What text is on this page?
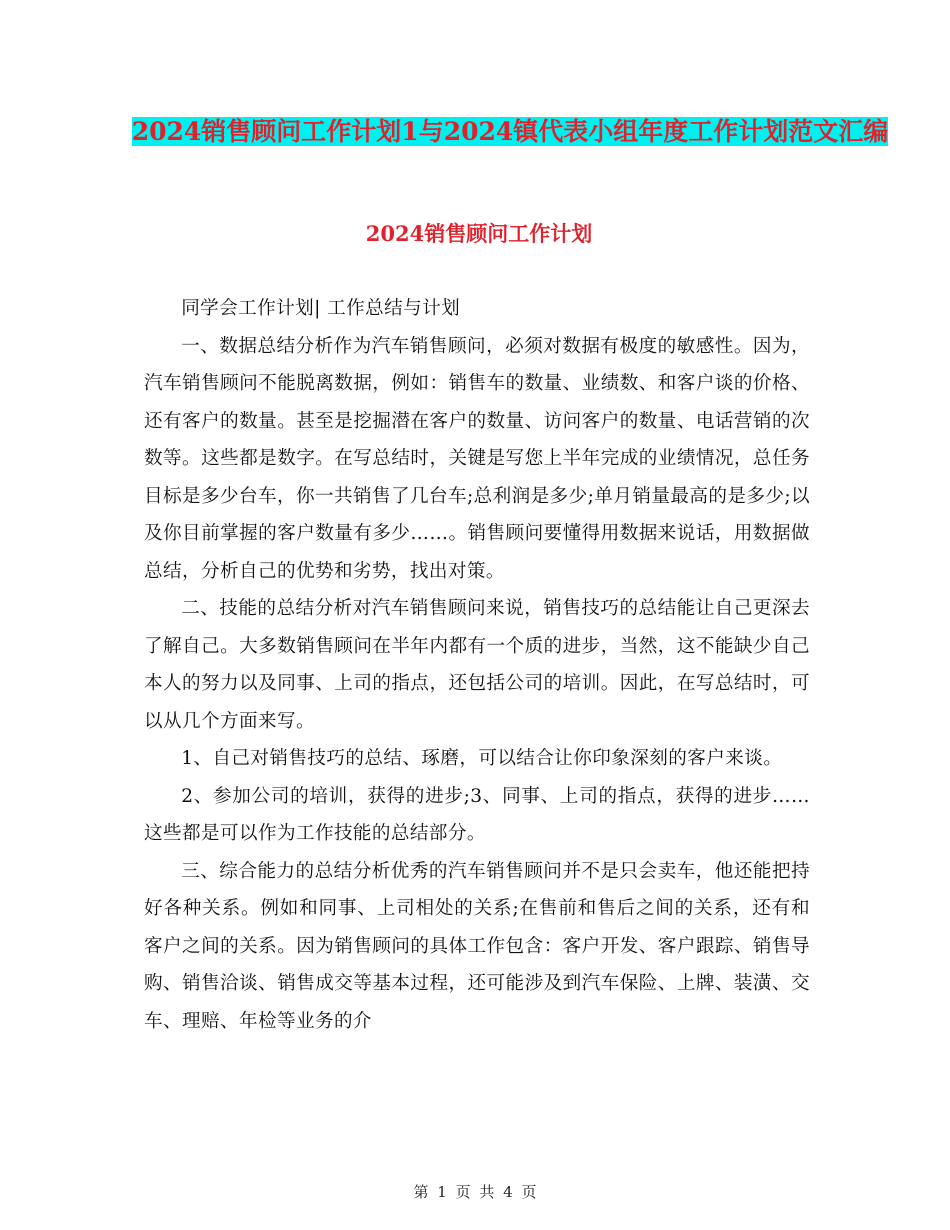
2024销售顾问工作计划1与2024镇代表小组年度工作计划范文汇编
2024销售顾问工作计划

同学会工作计划| 工作总结与计划

一、数据总结分析作为汽车销售顾问，必须对数据有极度的敏感性。因为，汽车销售顾问不能脱离数据，例如：销售车的数量、业绩数、和客户谈的价格、还有客户的数量。甚至是挖掘潜在客户的数量、访问客户的数量、电话营销的次数等。这些都是数字。在写总结时，关键是写您上半年完成的业绩情况，总任务目标是多少台车，你一共销售了几台车;总利润是多少;单月销量最高的是多少;以及你目前掌握的客户数量有多少……。销售顾问要懂得用数据来说话，用数据做总结，分析自己的优势和劣势，找出对策。

二、技能的总结分析对汽车销售顾问来说，销售技巧的总结能让自己更深去了解自己。大多数销售顾问在半年内都有一个质的进步，当然，这不能缺少自己本人的努力以及同事、上司的指点，还包括公司的培训。因此，在写总结时，可以从几个方面来写。

1、自己对销售技巧的总结、琢磨，可以结合让你印象深刻的客户来谈。

2、参加公司的培训，获得的进步;3、同事、上司的指点，获得的进步……这些都是可以作为工作技能的总结部分。

三、综合能力的总结分析优秀的汽车销售顾问并不是只会卖车，他还能把持好各种关系。例如和同事、上司相处的关系;在售前和售后之间的关系，还有和客户之间的关系。因为销售顾问的具体工作包含：客户开发、客户跟踪、销售导购、销售洽谈、销售成交等基本过程，还可能涉及到汽车保险、上牌、装潢、交车、理赔、年检等业务的介

第 1 页 共 4 页
